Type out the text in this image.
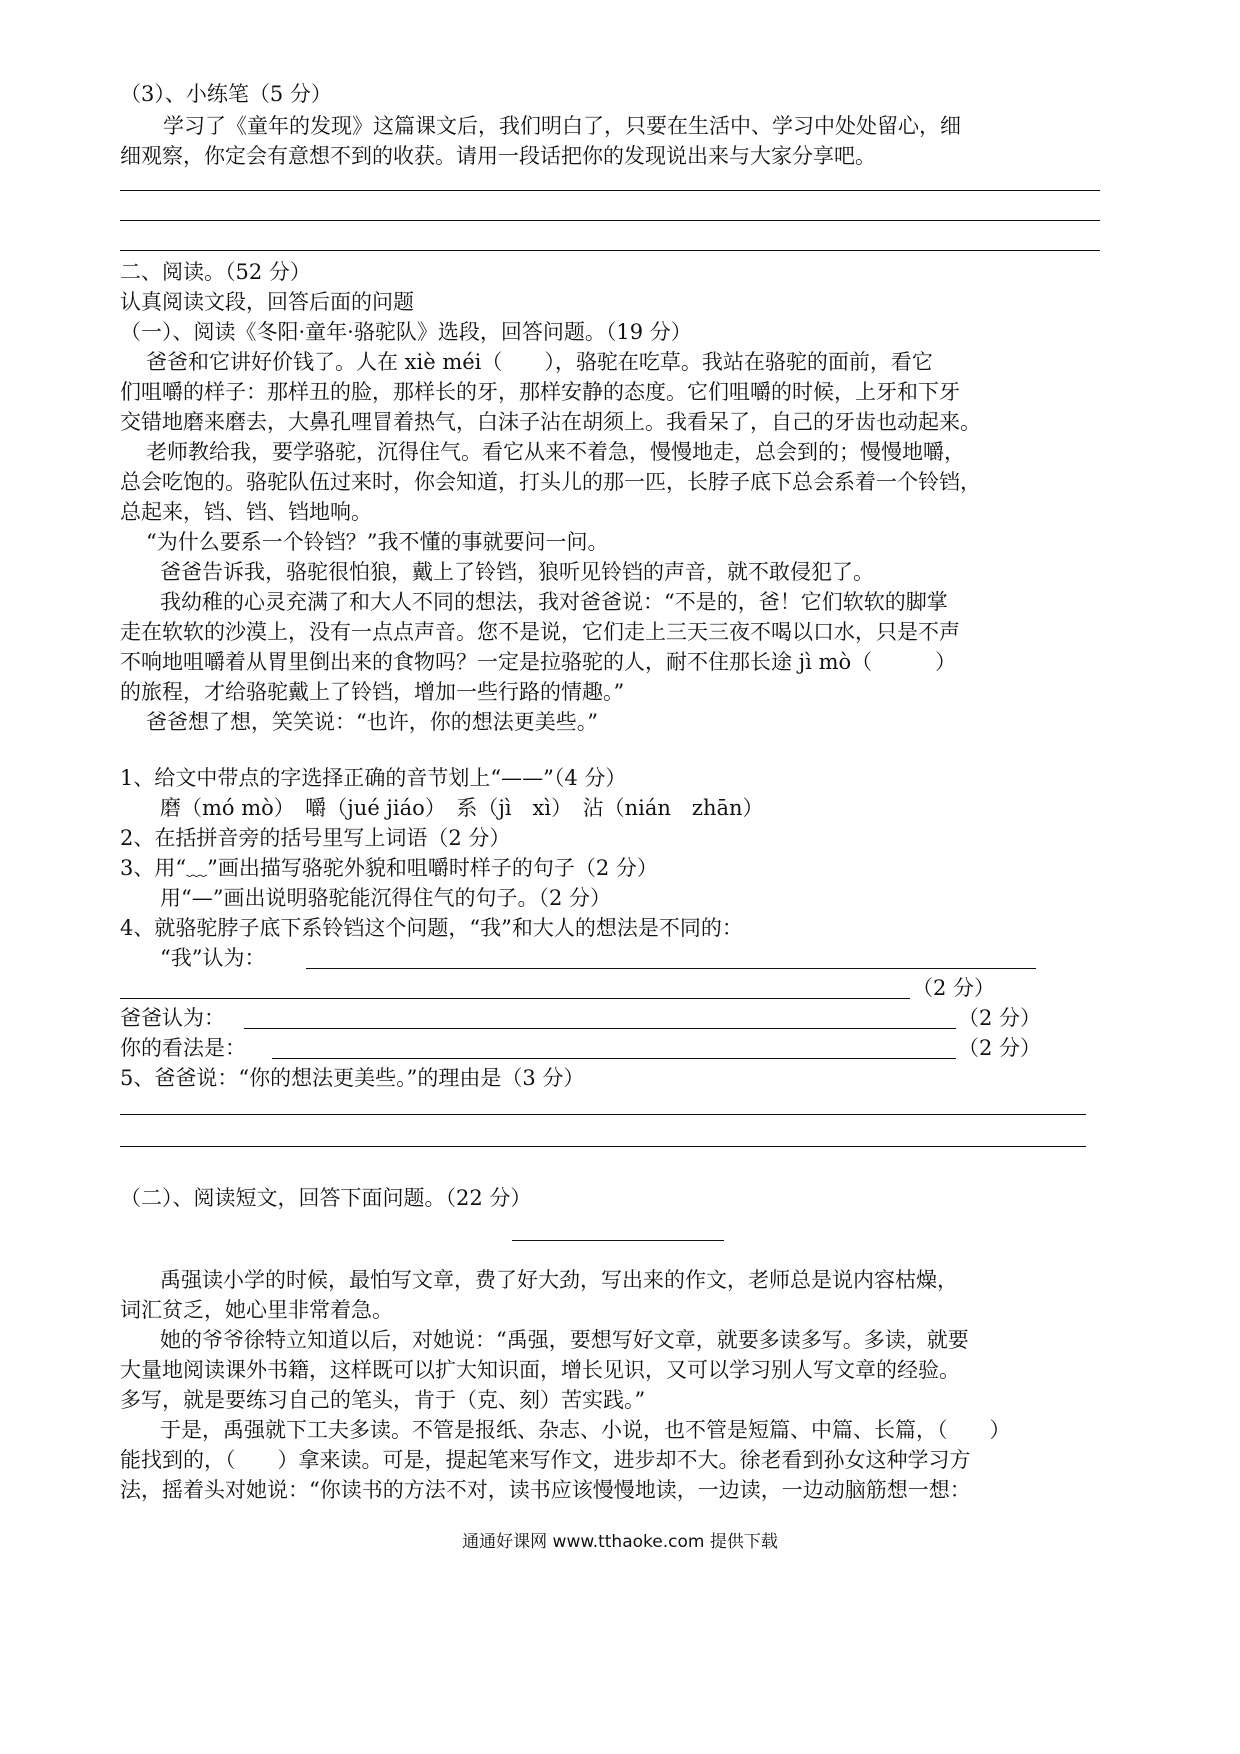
（3）、小练笔（5 分）

学习了《童年的发现》这篇课文后，我们明白了，只要在生活中、学习中处处留心，细

细观察，你定会有意想不到的收获。请用一段话把你的发现说出来与大家分享吧。

二、阅读。（52 分）

认真阅读文段，回答后面的问题

（一）、阅读《冬阳·童年·骆驼队》选段，回答问题。（19 分）

爸爸和它讲好价钱了。人在 xiè méi（　　），骆驼在吃草。我站在骆驼的面前，看它

们咀嚼的样子：那样丑的脸，那样长的牙，那样安静的态度。它们咀嚼的时候，上牙和下牙

交错地磨来磨去，大鼻孔哩冒着热气，白沫子沾在胡须上。我看呆了，自己的牙齿也动起来。

老师教给我，要学骆驼，沉得住气。看它从来不着急，慢慢地走，总会到的；慢慢地嚼，

总会吃饱的。骆驼队伍过来时，你会知道，打头儿的那一匹，长脖子底下总会系着一个铃铛，

总起来，铛、铛、铛地响。

“为什么要系一个铃铛？”我不懂的事就要问一问。

爸爸告诉我，骆驼很怕狼，戴上了铃铛，狼听见铃铛的声音，就不敢侵犯了。

我幼稚的心灵充满了和大人不同的想法，我对爸爸说：“不是的，爸！它们软软的脚掌

走在软软的沙漠上，没有一点点声音。您不是说，它们走上三天三夜不喝以口水，只是不声

不响地咀嚼着从胃里倒出来的食物吗？一定是拉骆驼的人，耐不住那长途 jì mò（　　　）

的旅程，才给骆驼戴上了铃铛，增加一些行路的情趣。”

爸爸想了想，笑笑说：“也许，你的想法更美些。”

1、给文中带点的字选择正确的音节划上“——”（4 分）

磨（mó mò）　嚼（jué jiáo）　系（jì　xì）　沾（nián　zhān）

2、在括拼音旁的括号里写上词语（2 分）

3、用“﹏”画出描写骆驼外貌和咀嚼时样子的句子（2 分）

用“—”画出说明骆驼能沉得住气的句子。（2 分）

4、就骆驼脖子底下系铃铛这个问题，“我”和大人的想法是不同的：

“我”认为：

（2 分）

爸爸认为：	（2 分）

你的看法是：	（2 分）

5、爸爸说：“你的想法更美些。”的理由是（3 分）

（二）、阅读短文，回答下面问题。（22 分）

禹强读小学的时候，最怕写文章，费了好大劲，写出来的作文，老师总是说内容枯燥，

词汇贫乏，她心里非常着急。

她的爷爷徐特立知道以后，对她说：“禹强，要想写好文章，就要多读多写。多读，就要

大量地阅读课外书籍，这样既可以扩大知识面，增长见识，又可以学习别人写文章的经验。

多写，就是要练习自己的笔头，肯于（克、刻）苦实践。”

于是，禹强就下工夫多读。不管是报纸、杂志、小说，也不管是短篇、中篇、长篇，（　　）

能找到的，（　　）拿来读。可是，提起笔来写作文，进步却不大。徐老看到孙女这种学习方

法，摇着头对她说：“你读书的方法不对，读书应该慢慢地读，一边读，一边动脑筋想一想：

通通好课网 www.tthaoke.com 提供下载
